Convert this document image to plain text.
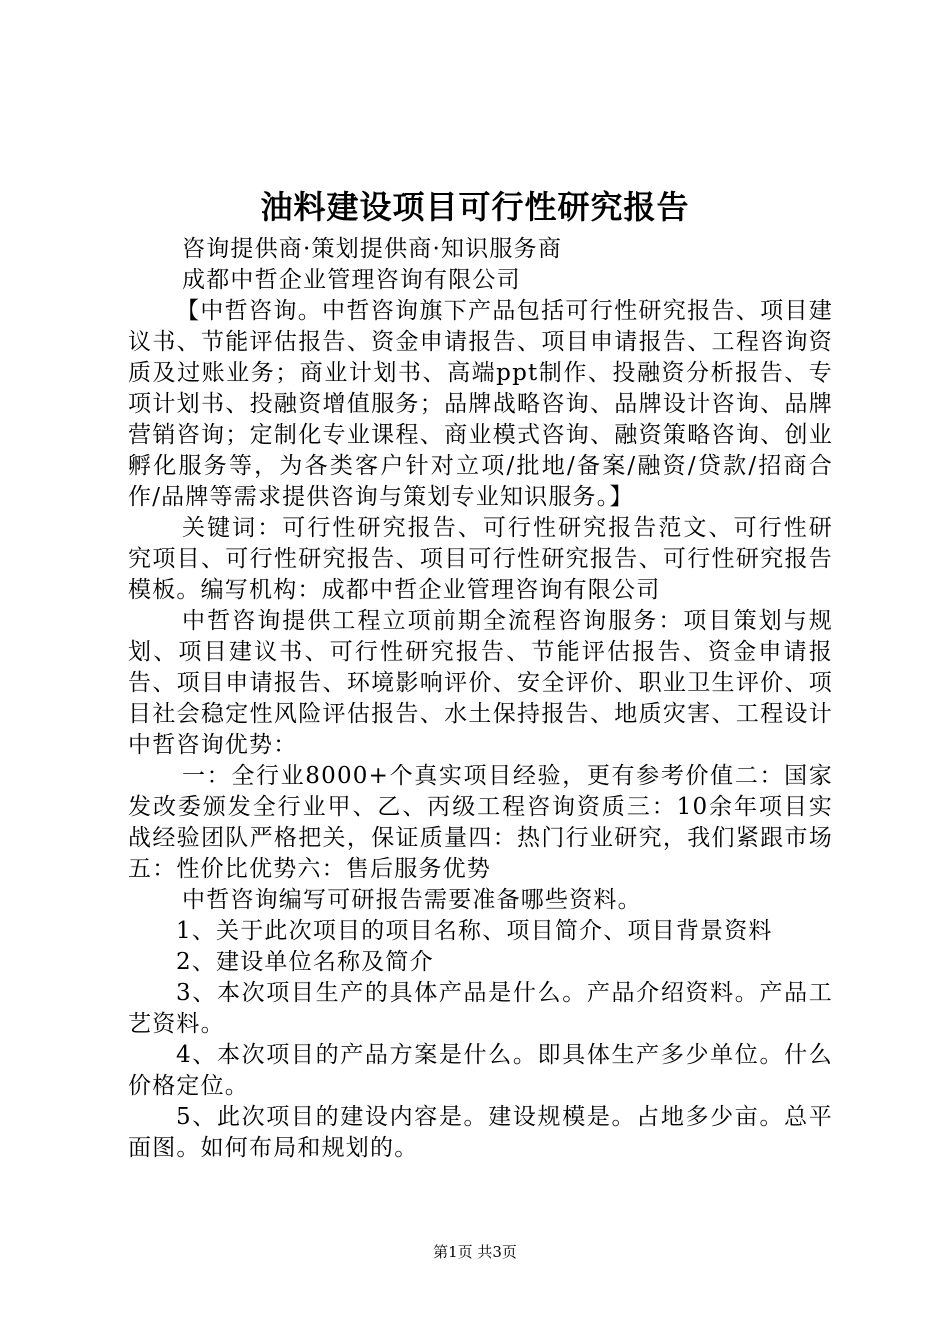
油料建设项目可行性研究报告

咨询提供商·策划提供商·知识服务商

成都中哲企业管理咨询有限公司

【中哲咨询。中哲咨询旗下产品包括可行性研究报告、项目建议书、节能评估报告、资金申请报告、项目申请报告、工程咨询资质及过账业务；商业计划书、高端ppt制作、投融资分析报告、专项计划书、投融资增值服务；品牌战略咨询、品牌设计咨询、品牌营销咨询；定制化专业课程、商业模式咨询、融资策略咨询、创业孵化服务等，为各类客户针对立项/批地/备案/融资/贷款/招商合作/品牌等需求提供咨询与策划专业知识服务。】

关键词：可行性研究报告、可行性研究报告范文、可行性研究项目、可行性研究报告、项目可行性研究报告、可行性研究报告模板。编写机构：成都中哲企业管理咨询有限公司

中哲咨询提供工程立项前期全流程咨询服务：项目策划与规划、项目建议书、可行性研究报告、节能评估报告、资金申请报告、项目申请报告、环境影响评价、安全评价、职业卫生评价、项目社会稳定性风险评估报告、水土保持报告、地质灾害、工程设计中哲咨询优势：

一：全行业8000+个真实项目经验，更有参考价值二：国家发改委颁发全行业甲、乙、丙级工程咨询资质三：10余年项目实战经验团队严格把关，保证质量四：热门行业研究，我们紧跟市场五：性价比优势六：售后服务优势

中哲咨询编写可研报告需要准备哪些资料。

1、关于此次项目的项目名称、项目简介、项目背景资料

2、建设单位名称及简介

3、本次项目生产的具体产品是什么。产品介绍资料。产品工艺资料。

4、本次项目的产品方案是什么。即具体生产多少单位。什么价格定位。

5、此次项目的建设内容是。建设规模是。占地多少亩。总平面图。如何布局和规划的。

第1页 共3页
